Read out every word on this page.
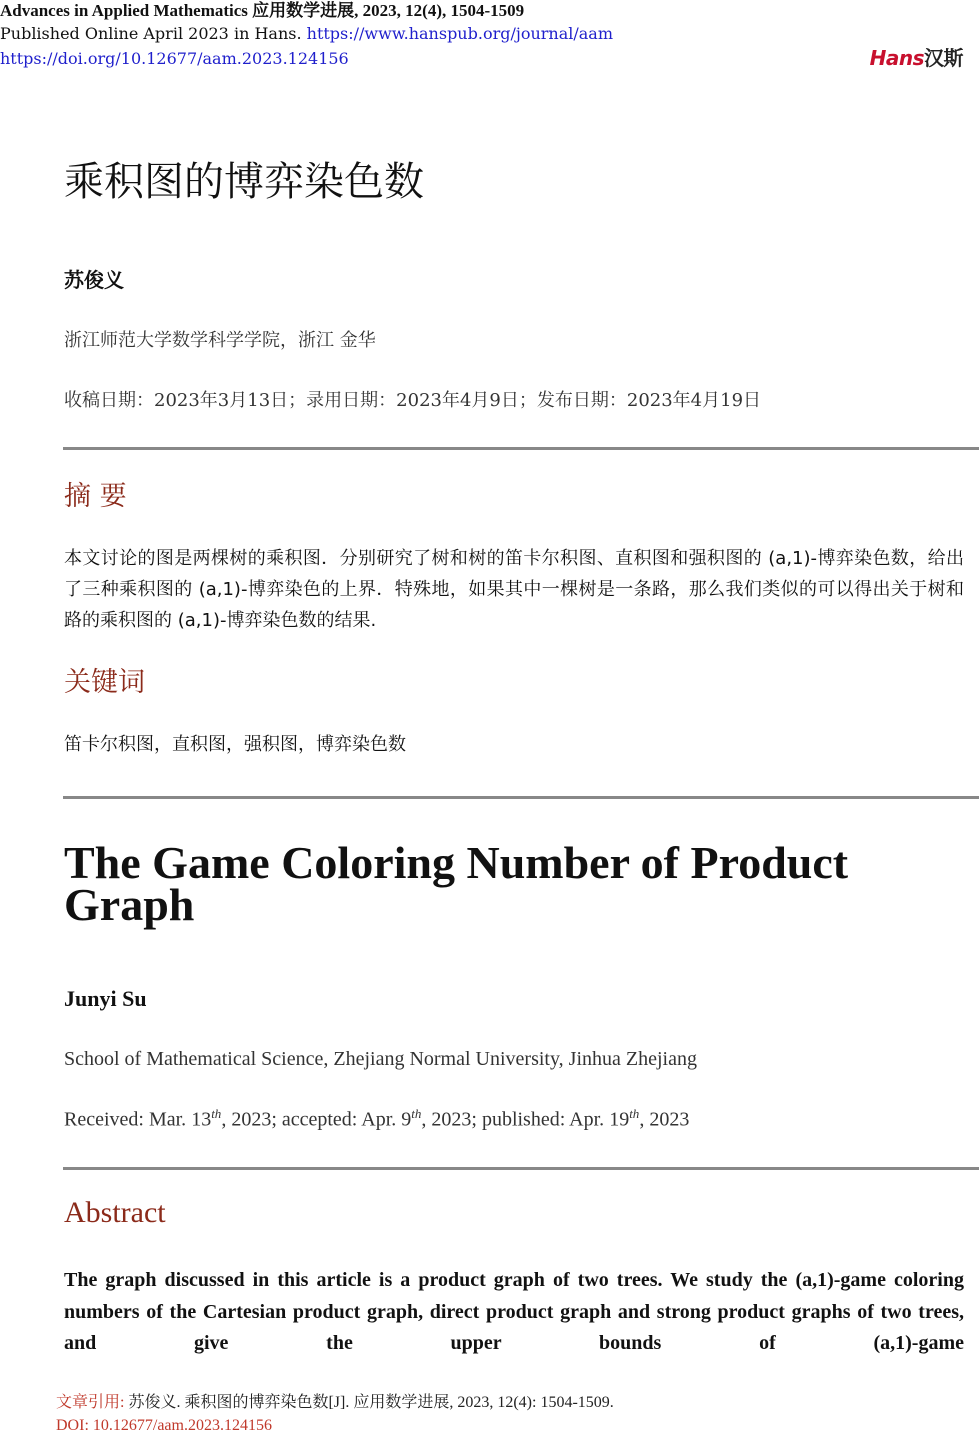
Advances in Applied Mathematics 应用数学进展, 2023, 12(4), 1504-1509
Published Online April 2023 in Hans. https://www.hanspub.org/journal/aam
https://doi.org/10.12677/aam.2023.124156	Hans汉斯
乘积图的博弈染色数
苏俊义
浙江师范大学数学科学学院，浙江 金华
收稿日期：2023年3月13日；录用日期：2023年4月9日；发布日期：2023年4月19日
摘 要
本文讨论的图是两棵树的乘积图．分别研究了树和树的笛卡尔积图、直积图和强积图的 (a,1)-博弈染色数，给出了三种乘积图的 (a,1)-博弈染色的上界．特殊地，如果其中一棵树是一条路，那么我们类似的可以得出关于树和路的乘积图的 (a,1)-博弈染色数的结果.
关键词
笛卡尔积图，直积图，强积图，博弈染色数
The Game Coloring Number of Product Graph
Junyi Su
School of Mathematical Science, Zhejiang Normal University, Jinhua Zhejiang
Received: Mar. 13th, 2023; accepted: Apr. 9th, 2023; published: Apr. 19th, 2023
Abstract
The graph discussed in this article is a product graph of two trees. We study the (a,1)-game coloring numbers of the Cartesian product graph, direct product graph and strong product graphs of two trees, and give the upper bounds of (a,1)-game
文章引用: 苏俊义. 乘积图的博弈染色数[J]. 应用数学进展, 2023, 12(4): 1504-1509.
DOI: 10.12677/aam.2023.124156
